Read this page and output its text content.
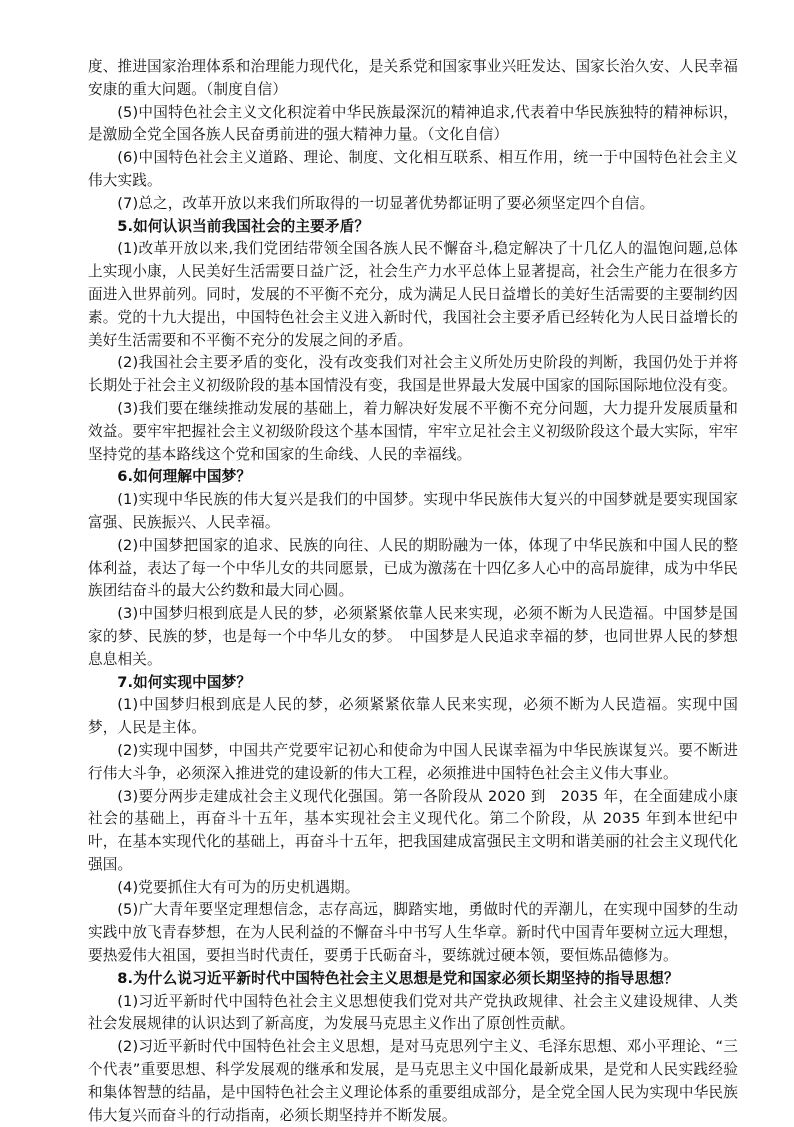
度、推进国家治理体系和治理能力现代化，是关系党和国家事业兴旺发达、国家长治久安、人民幸福安康的重大问题。（制度自信）

(5)中国特色社会主义文化积淀着中华民族最深沉的精神追求,代表着中华民族独特的精神标识，是激励全党全国各族人民奋勇前进的强大精神力量。（文化自信）

(6)中国特色社会主义道路、理论、制度、文化相互联系、相互作用，统一于中国特色社会主义伟大实践。

(7)总之，改革开放以来我们所取得的一切显著优势都证明了要必须坚定四个自信。

5.如何认识当前我国社会的主要矛盾？

(1)改革开放以来,我们党团结带领全国各族人民不懈奋斗,稳定解决了十几亿人的温饱问题,总体上实现小康，人民美好生活需要日益广泛，社会生产力水平总体上显著提高，社会生产能力在很多方面进入世界前列。同时，发展的不平衡不充分，成为满足人民日益增长的美好生活需要的主要制约因素。党的十九大提出，中国特色社会主义进入新时代，我国社会主要矛盾已经转化为人民日益增长的美好生活需要和不平衡不充分的发展之间的矛盾。

(2)我国社会主要矛盾的变化，没有改变我们对社会主义所处历史阶段的判断，我国仍处于并将长期处于社会主义初级阶段的基本国情没有变，我国是世界最大发展中国家的国际国际地位没有变。

(3)我们要在继续推动发展的基础上，着力解决好发展不平衡不充分问题，大力提升发展质量和效益。要牢牢把握社会主义初级阶段这个基本国情，牢牢立足社会主义初级阶段这个最大实际，牢牢坚持党的基本路线这个党和国家的生命线、人民的幸福线。

6.如何理解中国梦？

(1)实现中华民族的伟大复兴是我们的中国梦。实现中华民族伟大复兴的中国梦就是要实现国家富强、民族振兴、人民幸福。

(2)中国梦把国家的追求、民族的向往、人民的期盼融为一体，体现了中华民族和中国人民的整体利益，表达了每一个中华儿女的共同愿景，已成为激荡在十四亿多人心中的高昂旋律，成为中华民族团结奋斗的最大公约数和最大同心圆。

(3)中国梦归根到底是人民的梦，必须紧紧依靠人民来实现，必须不断为人民造福。中国梦是国家的梦、民族的梦，也是每一个中华儿女的梦。　中国梦是人民追求幸福的梦，也同世界人民的梦想息息相关。

7.如何实现中国梦？

(1)中国梦归根到底是人民的梦，必须紧紧依靠人民来实现，必须不断为人民造福。实现中国梦，人民是主体。

(2)实现中国梦，中国共产党要牢记初心和使命为中国人民谋幸福为中华民族谋复兴。要不断进行伟大斗争，必须深入推进党的建设新的伟大工程，必须推进中国特色社会主义伟大事业。

(3)要分两步走建成社会主义现代化强国。第一各阶段从 2020 到　2035 年，在全面建成小康社会的基础上，再奋斗十五年，基本实现社会主义现代化。第二个阶段，从 2035 年到本世纪中叶，在基本实现代化的基础上，再奋斗十五年，把我国建成富强民主文明和谐美丽的社会主义现代化强国。

(4)党要抓住大有可为的历史机遇期。

(5)广大青年要坚定理想信念，志存高远，脚踏实地，勇做时代的弄潮儿，在实现中国梦的生动实践中放飞青春梦想，在为人民利益的不懈奋斗中书写人生华章。新时代中国青年要树立远大理想，要热爱伟大祖国，要担当时代责任，要勇于氏砺奋斗，要练就过硬本领，要恒炼品德修为。

8.为什么说习近平新时代中国特色社会主义思想是党和国家必须长期坚持的指导思想？

(1)习近平新时代中国特色社会主义思想使我们党对共产党执政规律、社会主义建设规律、人类社会发展规律的认识达到了新高度，为发展马克思主义作出了原创性贡献。

(2)习近平新时代中国特色社会主义思想，是对马克思列宁主义、毛泽东思想、邓小平理论、“三个代表”重要思想、科学发展观的继承和发展，是马克思主义中国化最新成果，是党和人民实践经验和集体智慧的结晶，是中国特色社会主义理论体系的重要组成部分，是全党全国人民为实现中华民族伟大复兴而奋斗的行动指南，必须长期坚持并不断发展。
